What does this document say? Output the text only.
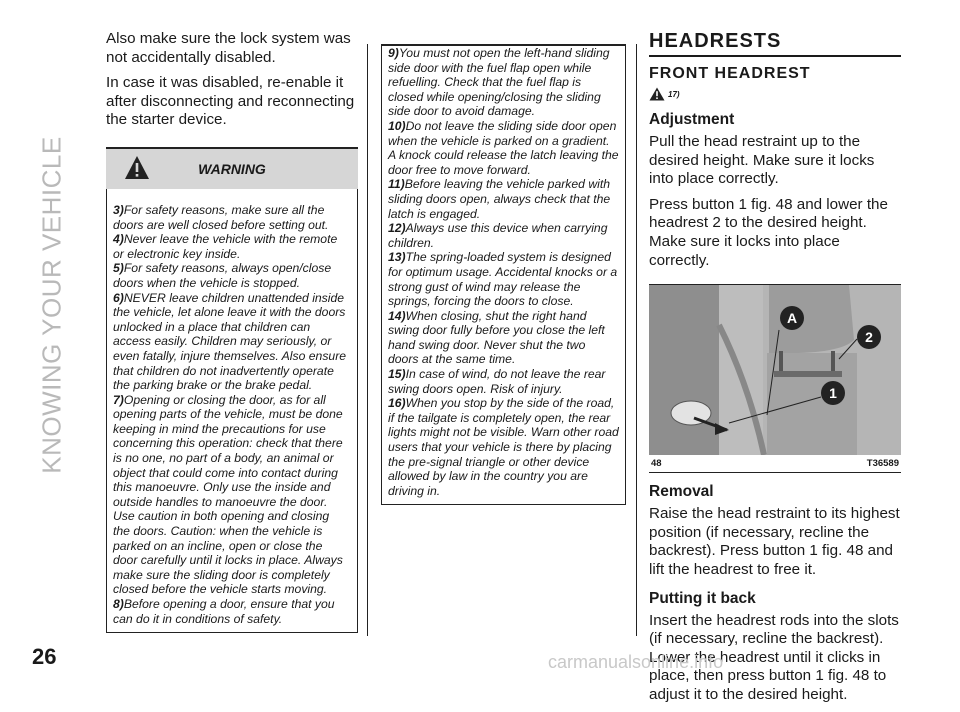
KNOWING YOUR VEHICLE

Also make sure the lock system was not accidentally disabled.

In case it was disabled, re-enable it after disconnecting and reconnecting the starter device.

WARNING

3)For safety reasons, make sure all the doors are well closed before setting out.

4)Never leave the vehicle with the remote or electronic key inside.

5)For safety reasons, always open/close doors when the vehicle is stopped.

6)NEVER leave children unattended inside the vehicle, let alone leave it with the doors unlocked in a place that children can access easily. Children may seriously, or even fatally, injure themselves. Also ensure that children do not inadvertently operate the parking brake or the brake pedal.

7)Opening or closing the door, as for all opening parts of the vehicle, must be done keeping in mind the precautions for use concerning this operation: check that there is no one, no part of a body, an animal or object that could come into contact during this manoeuvre. Only use the inside and outside handles to manoeuvre the door. Use caution in both opening and closing the doors. Caution: when the vehicle is parked on an incline, open or close the door carefully until it locks in place. Always make sure the sliding door is completely closed before the vehicle starts moving.

8)Before opening a door, ensure that you can do it in conditions of safety.

9)You must not open the left-hand sliding side door with the fuel flap open while refuelling. Check that the fuel flap is closed while opening/closing the sliding side door to avoid damage.

10)Do not leave the sliding side door open when the vehicle is parked on a gradient. A knock could release the latch leaving the door free to move forward.

11)Before leaving the vehicle parked with sliding doors open, always check that the latch is engaged.

12)Always use this device when carrying children.

13)The spring-loaded system is designed for optimum usage. Accidental knocks or a strong gust of wind may release the springs, forcing the doors to close.

14)When closing, shut the right hand swing door fully before you close the left hand swing door. Never shut the two doors at the same time.

15)In case of wind, do not leave the rear swing doors open. Risk of injury.

16)When you stop by the side of the road, if the tailgate is completely open, the rear lights might not be visible. Warn other road users that your vehicle is there by placing the pre-signal triangle or other device allowed by law in the country you are driving in.

HEADRESTS
FRONT HEADREST
17)
Adjustment

Pull the head restraint up to the desired height. Make sure it locks into place correctly.

Press button 1 fig. 48 and lower the headrest 2 to the desired height. Make sure it locks into place correctly.

A
2
1
48	T36589
Removal

Raise the head restraint to its highest position (if necessary, recline the backrest). Press button 1 fig. 48 and lift the headrest to free it.

Putting it back

Insert the headrest rods into the slots (if necessary, recline the backrest). Lower the headrest until it clicks in place, then press button 1 fig. 48 to adjust it to the desired height.

26	carmanualsonline.info
